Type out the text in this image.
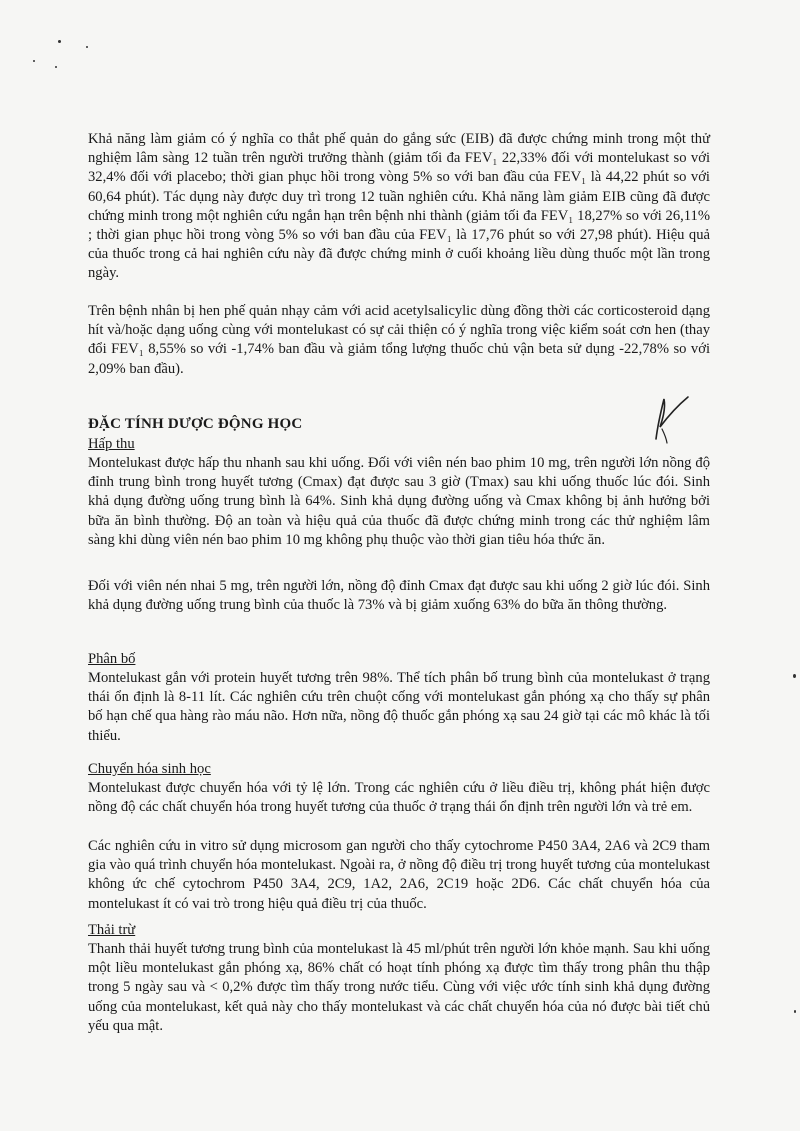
Khả năng làm giảm có ý nghĩa co thắt phế quản do gắng sức (EIB) đã được chứng minh trong một thử nghiệm lâm sàng 12 tuần trên người trưởng thành (giảm tối đa FEV₁ 22,33% đối với montelukast so với 32,4% đối với placebo; thời gian phục hồi trong vòng 5% so với ban đầu của FEV₁ là 44,22 phút so với 60,64 phút). Tác dụng này được duy trì trong 12 tuần nghiên cứu. Khả năng làm giảm EIB cũng đã được chứng minh trong một nghiên cứu ngắn hạn trên bệnh nhi thành (giảm tối đa FEV₁ 18,27% so với 26,11% ; thời gian phục hồi trong vòng 5% so với ban đầu của FEV₁ là 17,76 phút so với 27,98 phút). Hiệu quả của thuốc trong cả hai nghiên cứu này đã được chứng minh ở cuối khoảng liều dùng thuốc một lần trong ngày.

Trên bệnh nhân bị hen phế quản nhạy cảm với acid acetylsalicylic dùng đồng thời các corticosteroid dạng hít và/hoặc dạng uống cùng với montelukast có sự cải thiện có ý nghĩa trong việc kiểm soát cơn hen (thay đổi FEV₁ 8,55% so với -1,74% ban đầu và giảm tổng lượng thuốc chủ vận beta sử dụng -22,78% so với 2,09% ban đầu).

ĐẶC TÍNH DƯỢC ĐỘNG HỌC

Hấp thu

Montelukast được hấp thu nhanh sau khi uống. Đối với viên nén bao phim 10 mg, trên người lớn nồng độ đỉnh trung bình trong huyết tương (Cmax) đạt được sau 3 giờ (Tmax) sau khi uống thuốc lúc đói. Sinh khả dụng đường uống trung bình là 64%. Sinh khả dụng đường uống và Cmax không bị ảnh hưởng bởi bữa ăn bình thường. Độ an toàn và hiệu quả của thuốc đã được chứng minh trong các thử nghiệm lâm sàng khi dùng viên nén bao phim 10 mg không phụ thuộc vào thời gian tiêu hóa thức ăn.

Đối với viên nén nhai 5 mg, trên người lớn, nồng độ đỉnh Cmax đạt được sau khi uống 2 giờ lúc đói. Sinh khả dụng đường uống trung bình của thuốc là 73% và bị giảm xuống 63% do bữa ăn thông thường.

Phân bố

Montelukast gắn với protein huyết tương trên 98%. Thể tích phân bố trung bình của montelukast ở trạng thái ổn định là 8-11 lít. Các nghiên cứu trên chuột cống với montelukast gắn phóng xạ cho thấy sự phân bố hạn chế qua hàng rào máu não. Hơn nữa, nồng độ thuốc gắn phóng xạ sau 24 giờ tại các mô khác là tối thiểu.

Chuyển hóa sinh học

Montelukast được chuyển hóa với tỷ lệ lớn. Trong các nghiên cứu ở liều điều trị, không phát hiện được nồng độ các chất chuyển hóa trong huyết tương của thuốc ở trạng thái ổn định trên người lớn và trẻ em.

Các nghiên cứu in vitro sử dụng microsom gan người cho thấy cytochrome P450 3A4, 2A6 và 2C9 tham gia vào quá trình chuyển hóa montelukast. Ngoài ra, ở nồng độ điều trị trong huyết tương của montelukast không ức chế cytochrom P450 3A4, 2C9, 1A2, 2A6, 2C19 hoặc 2D6. Các chất chuyển hóa của montelukast ít có vai trò trong hiệu quả điều trị của thuốc.

Thải trừ

Thanh thải huyết tương trung bình của montelukast là 45 ml/phút trên người lớn khỏe mạnh. Sau khi uống một liều montelukast gắn phóng xạ, 86% chất có hoạt tính phóng xạ được tìm thấy trong phân thu thập trong 5 ngày sau và < 0,2% được tìm thấy trong nước tiểu. Cùng với việc ước tính sinh khả dụng đường uống của montelukast, kết quả này cho thấy montelukast và các chất chuyển hóa của nó được bài tiết chủ yếu qua mật.
